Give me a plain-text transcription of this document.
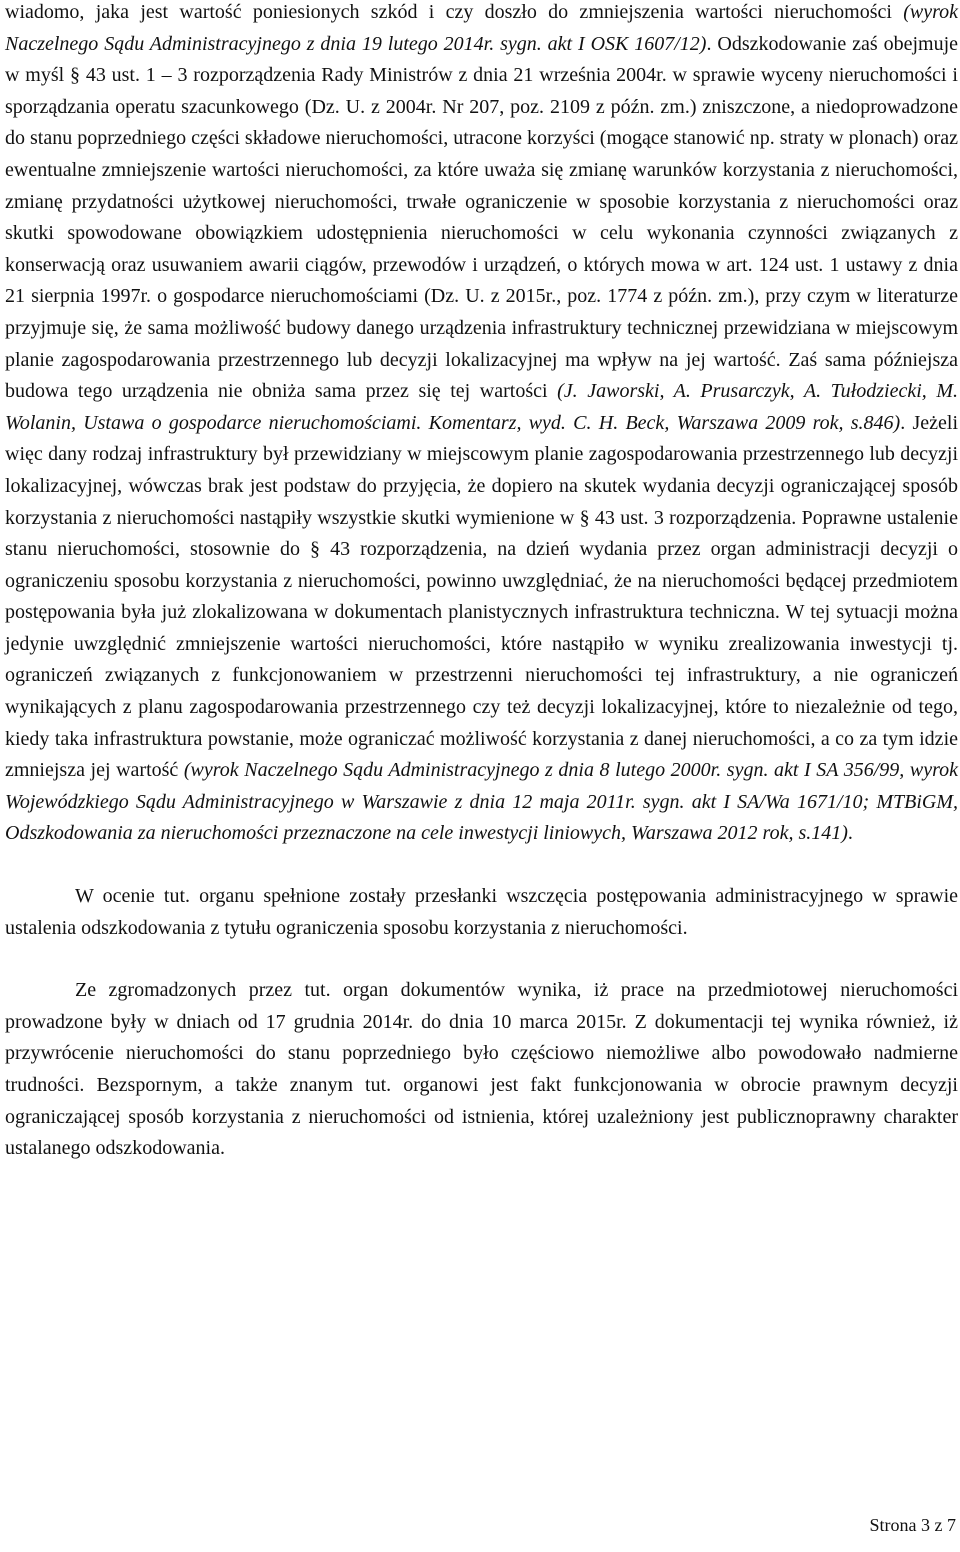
wiadomo, jaka jest wartość poniesionych szkód i czy doszło do zmniejszenia wartości nieruchomości (wyrok Naczelnego Sądu Administracyjnego z dnia 19 lutego 2014r. sygn. akt I OSK 1607/12). Odszkodowanie zaś obejmuje w myśl § 43 ust. 1 – 3 rozporządzenia Rady Ministrów z dnia 21 września 2004r. w sprawie wyceny nieruchomości i sporządzania operatu szacunkowego (Dz. U. z 2004r. Nr 207, poz. 2109 z późn. zm.) zniszczone, a niedoprowadzone do stanu poprzedniego części składowe nieruchomości, utracone korzyści (mogące stanowić np. straty w plonach) oraz ewentualne zmniejszenie wartości nieruchomości, za które uważa się zmianę warunków korzystania z nieruchomości, zmianę przydatności użytkowej nieruchomości, trwałe ograniczenie w sposobie korzystania z nieruchomości oraz skutki spowodowane obowiązkiem udostępnienia nieruchomości w celu wykonania czynności związanych z konserwacją oraz usuwaniem awarii ciągów, przewodów i urządzeń, o których mowa w art. 124 ust. 1 ustawy z dnia 21 sierpnia 1997r. o gospodarce nieruchomościami (Dz. U. z 2015r., poz. 1774 z późn. zm.), przy czym w literaturze przyjmuje się, że sama możliwość budowy danego urządzenia infrastruktury technicznej przewidziana w miejscowym planie zagospodarowania przestrzennego lub decyzji lokalizacyjnej ma wpływ na jej wartość. Zaś sama późniejsza budowa tego urządzenia nie obniża sama przez się tej wartości (J. Jaworski, A. Prusarczyk, A. Tułodziecki, M. Wolanin, Ustawa o gospodarce nieruchomościami. Komentarz, wyd. C. H. Beck, Warszawa 2009 rok, s.846). Jeżeli więc dany rodzaj infrastruktury był przewidziany w miejscowym planie zagospodarowania przestrzennego lub decyzji lokalizacyjnej, wówczas brak jest podstaw do przyjęcia, że dopiero na skutek wydania decyzji ograniczającej sposób korzystania z nieruchomości nastąpiły wszystkie skutki wymienione w § 43 ust. 3 rozporządzenia. Poprawne ustalenie stanu nieruchomości, stosownie do § 43 rozporządzenia, na dzień wydania przez organ administracji decyzji o ograniczeniu sposobu korzystania z nieruchomości, powinno uwzględniać, że na nieruchomości będącej przedmiotem postępowania była już zlokalizowana w dokumentach planistycznych infrastruktura techniczna. W tej sytuacji można jedynie uwzględnić zmniejszenie wartości nieruchomości, które nastąpiło w wyniku zrealizowania inwestycji tj. ograniczeń związanych z funkcjonowaniem w przestrzenni nieruchomości tej infrastruktury, a nie ograniczeń wynikających z planu zagospodarowania przestrzennego czy też decyzji lokalizacyjnej, które to niezależnie od tego, kiedy taka infrastruktura powstanie, może ograniczać możliwość korzystania z danej nieruchomości, a co za tym idzie zmniejsza jej wartość (wyrok Naczelnego Sądu Administracyjnego z dnia 8 lutego 2000r. sygn. akt I SA 356/99, wyrok Wojewódzkiego Sądu Administracyjnego w Warszawie z dnia 12 maja 2011r. sygn. akt I SA/Wa 1671/10; MTBiGM, Odszkodowania za nieruchomości przeznaczone na cele inwestycji liniowych, Warszawa 2012 rok, s.141).

W ocenie tut. organu spełnione zostały przesłanki wszczęcia postępowania administracyjnego w sprawie ustalenia odszkodowania z tytułu ograniczenia sposobu korzystania z nieruchomości.

Ze zgromadzonych przez tut. organ dokumentów wynika, iż prace na przedmiotowej nieruchomości prowadzone były w dniach od 17 grudnia 2014r. do dnia 10 marca 2015r. Z dokumentacji tej wynika również, iż przywrócenie nieruchomości do stanu poprzedniego było częściowo niemożliwe albo powodowało nadmierne trudności. Bezspornym, a także znanym tut. organowi jest fakt funkcjonowania w obrocie prawnym decyzji ograniczającej sposób korzystania z nieruchomości od istnienia, której uzależniony jest publicznoprawny charakter ustalanego odszkodowania.

Strona 3 z 7
